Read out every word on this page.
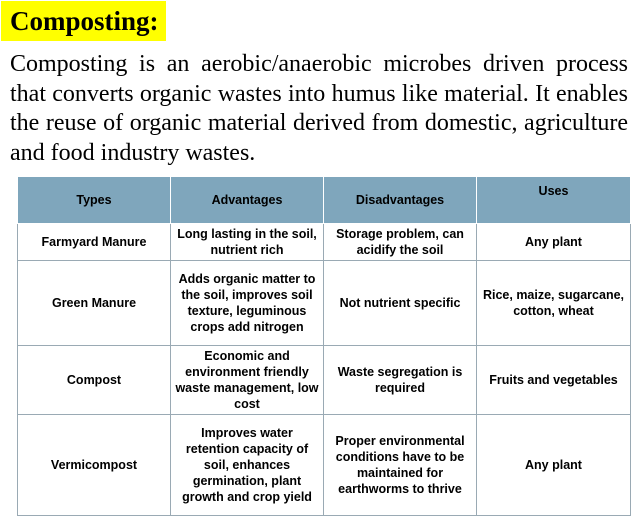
Composting:

Composting is an aerobic/anaerobic microbes driven process that converts organic wastes into humus like material. It enables the reuse of organic material derived from domestic, agriculture and food industry wastes.

Types	Advantages	Disadvantages	Uses
Farmyard Manure	Long lasting in the soil, nutrient rich	Storage problem, can acidify the soil	Any plant
Green Manure	Adds organic matter to the soil, improves soil texture, leguminous crops add nitrogen	Not nutrient specific	Rice, maize, sugarcane, cotton, wheat
Compost	Economic and environment friendly waste management, low cost	Waste segregation is required	Fruits and vegetables
Vermicompost	Improves water retention capacity of soil, enhances germination, plant growth and crop yield	Proper environmental conditions have to be maintained for earthworms to thrive	Any plant
